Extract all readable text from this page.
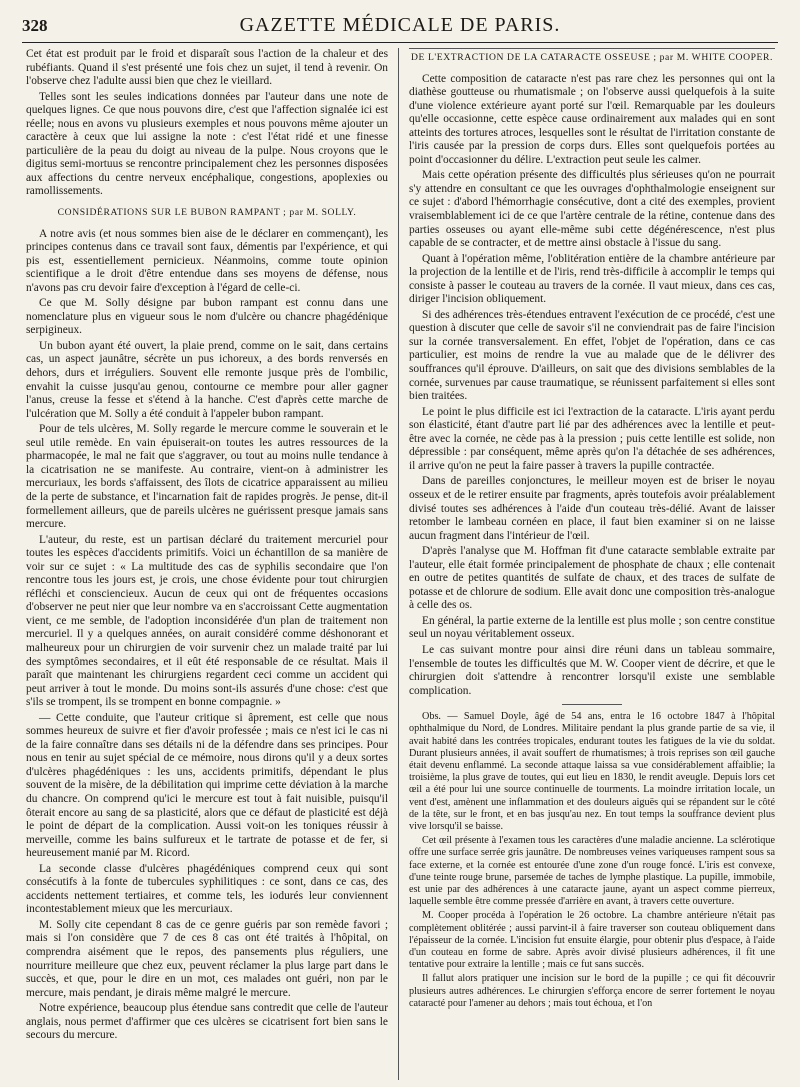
328	GAZETTE MÉDICALE DE PARIS.

Cet état est produit par le froid et disparaît sous l'action de la chaleur et des rubéfiants. Quand il s'est présenté une fois chez un sujet, il tend à revenir. On l'observe chez l'adulte aussi bien que chez le vieillard.

Telles sont les seules indications données par l'auteur dans une note de quelques lignes. Ce que nous pouvons dire, c'est que l'affection signalée ici est réelle; nous en avons vu plusieurs exemples et nous pouvons même ajouter un caractère à ceux que lui assigne la note : c'est l'état ridé et une finesse particulière de la peau du doigt au niveau de la pulpe. Nous croyons que le digitus semi-mortuus se rencontre principalement chez les personnes disposées aux affections du centre nerveux encéphalique, congestions, apoplexies ou ramollissements.

CONSIDÉRATIONS SUR LE BUBON RAMPANT ; par M. SOLLY.

A notre avis (et nous sommes bien aise de le déclarer en commençant), les principes contenus dans ce travail sont faux, démentis par l'expérience, et qui pis est, essentiellement pernicieux. Néanmoins, comme toute opinion scientifique a le droit d'être entendue dans ses moyens de défense, nous n'avons pas cru devoir faire d'exception à l'égard de celle-ci.

Ce que M. Solly désigne par bubon rampant est connu dans une nomenclature plus en vigueur sous le nom d'ulcère ou chancre phagédénique serpigineux.

Un bubon ayant été ouvert, la plaie prend, comme on le sait, dans certains cas, un aspect jaunâtre, sécrète un pus ichoreux, a des bords renversés en dehors, durs et irréguliers. Souvent elle remonte jusque près de l'ombilic, envahit la cuisse jusqu'au genou, contourne ce membre pour aller gagner l'anus, creuse la fesse et s'étend à la hanche. C'est d'après cette marche de l'ulcération que M. Solly a été conduit à l'appeler bubon rampant.

Pour de tels ulcères, M. Solly regarde le mercure comme le souverain et le seul utile remède. En vain épuiserait-on toutes les autres ressources de la pharmacopée, le mal ne fait que s'aggraver, ou tout au moins nulle tendance à la cicatrisation ne se manifeste. Au contraire, vient-on à administrer les mercuriaux, les bords s'affaissent, des îlots de cicatrice apparaissent au milieu de la perte de substance, et l'incarnation fait de rapides progrès. Je pense, dit-il formellement ailleurs, que de pareils ulcères ne guérissent presque jamais sans mercure.

L'auteur, du reste, est un partisan déclaré du traitement mercuriel pour toutes les espèces d'accidents primitifs. Voici un échantillon de sa manière de voir sur ce sujet : « La multitude des cas de syphilis secondaire que l'on rencontre tous les jours est, je crois, une chose évidente pour tout chirurgien réfléchi et consciencieux. Aucun de ceux qui ont de fréquentes occasions d'observer ne peut nier que leur nombre va en s'accroissant Cette augmentation vient, ce me semble, de l'adoption inconsidérée d'un plan de traitement non mercuriel. Il y a quelques années, on aurait considéré comme déshonorant et malheureux pour un chirurgien de voir survenir chez un malade traité par lui des symptômes secondaires, et il eût été responsable de ce résultat. Mais il paraît que maintenant les chirurgiens regardent ceci comme un accident qui peut arriver à tout le monde. Du moins sont-ils assurés d'une chose: c'est que s'ils se trompent, ils se trompent en bonne compagnie. »

— Cette conduite, que l'auteur critique si âprement, est celle que nous sommes heureux de suivre et fier d'avoir professée ; mais ce n'est ici le cas ni de la faire connaître dans ses détails ni de la défendre dans ses principes. Pour nous en tenir au sujet spécial de ce mémoire, nous dirons qu'il y a deux sortes d'ulcères phagédéniques : les uns, accidents primitifs, dépendant le plus souvent de la misère, de la débilitation qui imprime cette déviation à la marche du chancre. On comprend qu'ici le mercure est tout à fait nuisible, puisqu'il ôterait encore au sang de sa plasticité, alors que ce défaut de plasticité est déjà le point de départ de la complication. Aussi voit-on les toniques réussir à merveille, comme les bains sulfureux et le tartrate de potasse et de fer, si heureusement manié par M. Ricord.

La seconde classe d'ulcères phagédéniques comprend ceux qui sont consécutifs à la fonte de tubercules syphilitiques : ce sont, dans ce cas, des accidents nettement tertiaires, et comme tels, les iodurés leur conviennent incontestablement mieux que les mercuriaux.

M. Solly cite cependant 8 cas de ce genre guéris par son remède favori ; mais si l'on considère que 7 de ces 8 cas ont été traités à l'hôpital, on comprendra aisément que le repos, des pansements plus réguliers, une nourriture meilleure que chez eux, peuvent réclamer la plus large part dans le succès, et que, pour le dire en un mot, ces malades ont guéri, non par le mercure, mais pendant, je dirais même malgré le mercure.

Notre expérience, beaucoup plus étendue sans contredit que celle de l'auteur anglais, nous permet d'affirmer que ces ulcères se cicatrisent fort bien sans le secours du mercure.

DE L'EXTRACTION DE LA CATARACTE OSSEUSE ; par M. WHITE COOPER.

Cette composition de cataracte n'est pas rare chez les personnes qui ont la diathèse goutteuse ou rhumatismale ; on l'observe aussi quelquefois à la suite d'une violence extérieure ayant porté sur l'œil. Remarquable par les douleurs qu'elle occasionne, cette espèce cause ordinairement aux malades qui en sont atteints des tortures atroces, lesquelles sont le résultat de l'irritation constante de l'iris causée par la pression de corps durs. Elles sont quelquefois portées au point d'occasionner du délire. L'extraction peut seule les calmer.

Mais cette opération présente des difficultés plus sérieuses qu'on ne pourrait s'y attendre en consultant ce que les ouvrages d'ophthalmologie enseignent sur ce sujet : d'abord l'hémorrhagie consécutive, dont a cité des exemples, provient vraisemblablement ici de ce que l'artère centrale de la rétine, contenue dans des parties osseuses ou ayant elle-même subi cette dégénérescence, n'est plus capable de se contracter, et de mettre ainsi obstacle à l'issue du sang.

Quant à l'opération même, l'oblitération entière de la chambre antérieure par la projection de la lentille et de l'iris, rend très-difficile à accomplir le temps qui consiste à passer le couteau au travers de la cornée. Il vaut mieux, dans ces cas, diriger l'incision obliquement.

Si des adhérences très-étendues entravent l'exécution de ce procédé, c'est une question à discuter que celle de savoir s'il ne conviendrait pas de faire l'incision sur la cornée transversalement. En effet, l'objet de l'opération, dans ce cas particulier, est moins de rendre la vue au malade que de le délivrer des souffrances qu'il éprouve. D'ailleurs, on sait que des divisions semblables de la cornée, survenues par cause traumatique, se réunissent parfaitement si elles sont bien traitées.

Le point le plus difficile est ici l'extraction de la cataracte. L'iris ayant perdu son élasticité, étant d'autre part lié par des adhérences avec la lentille et peut-être avec la cornée, ne cède pas à la pression ; puis cette lentille est solide, non dépressible : par conséquent, même après qu'on l'a détachée de ses adhérences, il arrive qu'on ne peut la faire passer à travers la pupille contractée.

Dans de pareilles conjonctures, le meilleur moyen est de briser le noyau osseux et de le retirer ensuite par fragments, après toutefois avoir préalablement divisé toutes ses adhérences à l'aide d'un couteau très-délié. Avant de laisser retomber le lambeau cornéen en place, il faut bien examiner si on ne laisse aucun fragment dans l'intérieur de l'œil.

D'après l'analyse que M. Hoffman fit d'une cataracte semblable extraite par l'auteur, elle était formée principalement de phosphate de chaux ; elle contenait en outre de petites quantités de sulfate de chaux, et des traces de sulfate de potasse et de chlorure de sodium. Elle avait donc une composition très-analogue à celle des os.

En général, la partie externe de la lentille est plus molle ; son centre constitue seul un noyau véritablement osseux.

Le cas suivant montre pour ainsi dire réuni dans un tableau sommaire, l'ensemble de toutes les difficultés que M. W. Cooper vient de décrire, et que le chirurgien doit s'attendre à rencontrer lorsqu'il existe une semblable complication.

Obs. — Samuel Doyle, âgé de 54 ans, entra le 16 octobre 1847 à l'hôpital ophthalmique du Nord, de Londres. Militaire pendant la plus grande partie de sa vie, il avait habité dans les contrées tropicales, endurant toutes les fatigues de la vie du soldat. Durant plusieurs années, il avait souffert de rhumatismes; à trois reprises son œil gauche était devenu enflammé. La seconde attaque laissa sa vue considérablement affaiblie; la troisième, la plus grave de toutes, qui eut lieu en 1830, le rendit aveugle. Depuis lors cet œil a été pour lui une source continuelle de tourments. La moindre irritation locale, un vent d'est, amènent une inflammation et des douleurs aiguës qui se répandent sur le côté de la tête, sur le front, et en bas jusqu'au nez. En tout temps la souffrance devient plus vive lorsqu'il se baisse.

Cet œil présente à l'examen tous les caractères d'une maladie ancienne. La sclérotique offre une surface serrée gris jaunâtre. De nombreuses veines variqueuses rampent sous sa face externe, et la cornée est entourée d'une zone d'un rouge foncé. L'iris est convexe, d'une teinte rouge brune, parsemée de taches de lymphe plastique. La pupille, immobile, est unie par des adhérences à une cataracte jaune, ayant un aspect comme pierreux, laquelle semble être comme pressée d'arrière en avant, à travers cette ouverture.

M. Cooper procéda à l'opération le 26 octobre. La chambre antérieure n'était pas complètement oblitérée ; aussi parvint-il à faire traverser son couteau obliquement dans l'épaisseur de la cornée. L'incision fut ensuite élargie, pour obtenir plus d'espace, à l'aide d'un couteau en forme de sabre. Après avoir divisé plusieurs adhérences, il fit une tentative pour extraire la lentille ; mais ce fut sans succès.

Il fallut alors pratiquer une incision sur le bord de la pupille ; ce qui fit découvrir plusieurs autres adhérences. Le chirurgien s'efforça encore de serrer fortement le noyau cataracté pour l'amener au dehors ; mais tout échoua, et l'on
